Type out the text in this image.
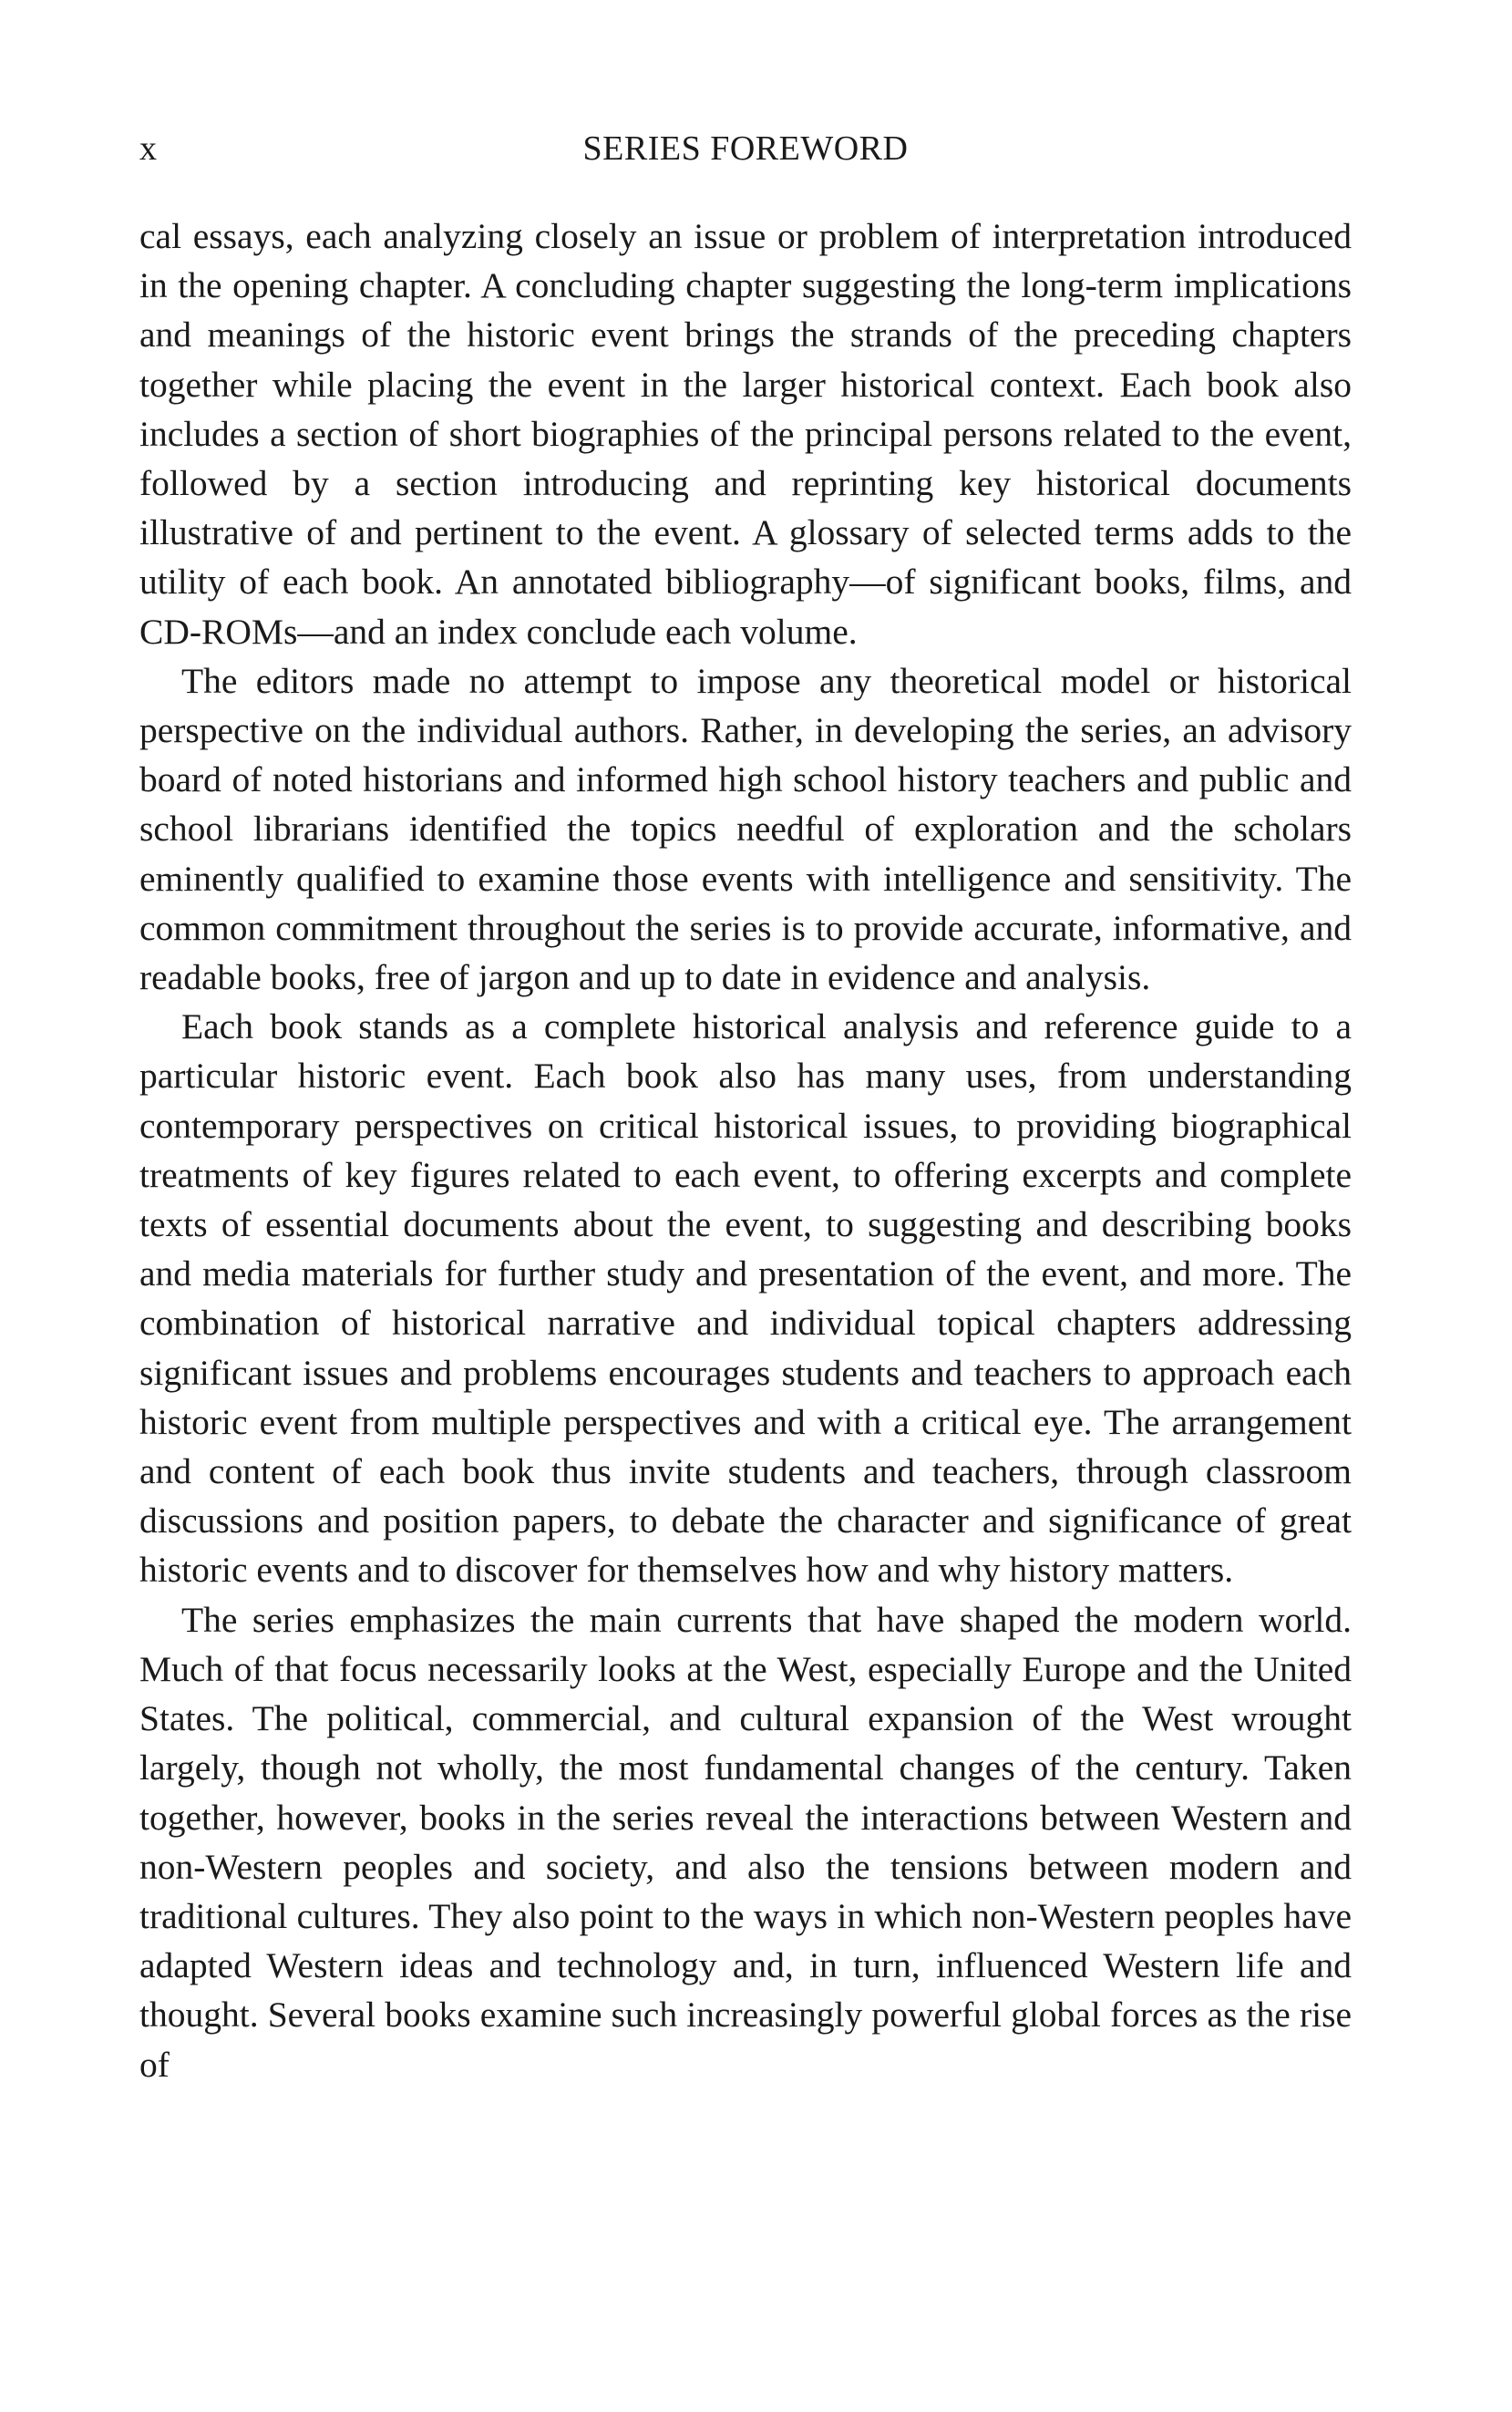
x	SERIES FOREWORD

cal essays, each analyzing closely an issue or problem of interpretation introduced in the opening chapter. A concluding chapter suggesting the long-term implications and meanings of the historic event brings the strands of the preceding chapters together while placing the event in the larger historical context. Each book also includes a section of short biographies of the principal persons related to the event, followed by a section introducing and reprinting key historical documents illustrative of and pertinent to the event. A glossary of selected terms adds to the utility of each book. An annotated bibliography—of significant books, films, and CD-ROMs—and an index conclude each volume.

The editors made no attempt to impose any theoretical model or historical perspective on the individual authors. Rather, in developing the series, an advisory board of noted historians and informed high school history teachers and public and school librarians identified the topics needful of exploration and the scholars eminently qualified to examine those events with intelligence and sensitivity. The common commitment throughout the series is to provide accurate, informative, and readable books, free of jargon and up to date in evidence and analysis.

Each book stands as a complete historical analysis and reference guide to a particular historic event. Each book also has many uses, from understanding contemporary perspectives on critical historical issues, to providing biographical treatments of key figures related to each event, to offering excerpts and complete texts of essential documents about the event, to suggesting and describing books and media materials for further study and presentation of the event, and more. The combination of historical narrative and individual topical chapters addressing significant issues and problems encourages students and teachers to approach each historic event from multiple perspectives and with a critical eye. The arrangement and content of each book thus invite students and teachers, through classroom discussions and position papers, to debate the character and significance of great historic events and to discover for themselves how and why history matters.

The series emphasizes the main currents that have shaped the modern world. Much of that focus necessarily looks at the West, especially Europe and the United States. The political, commercial, and cultural expansion of the West wrought largely, though not wholly, the most fundamental changes of the century. Taken together, however, books in the series reveal the interactions between Western and non-Western peoples and society, and also the tensions between modern and traditional cultures. They also point to the ways in which non-Western peoples have adapted Western ideas and technology and, in turn, influenced Western life and thought. Several books examine such increasingly powerful global forces as the rise of
